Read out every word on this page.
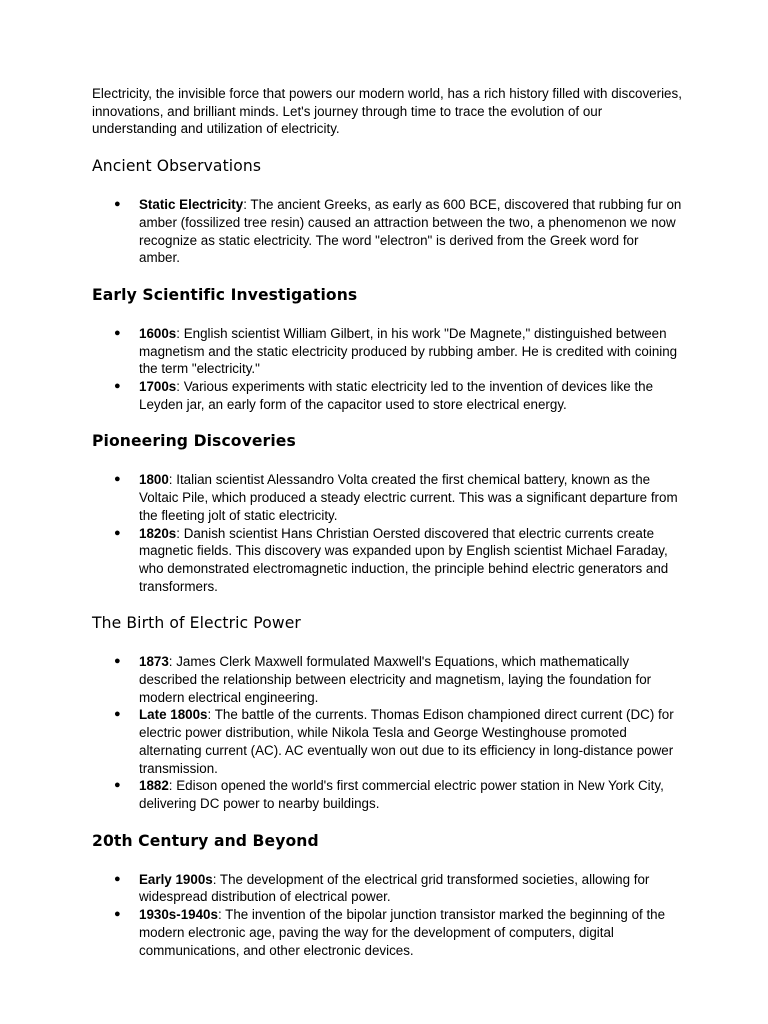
Electricity, the invisible force that powers our modern world, has a rich history filled with discoveries, innovations, and brilliant minds. Let's journey through time to trace the evolution of our understanding and utilization of electricity.

Ancient Observations
● Static Electricity: The ancient Greeks, as early as 600 BCE, discovered that rubbing fur on amber (fossilized tree resin) caused an attraction between the two, a phenomenon we now recognize as static electricity. The word "electron" is derived from the Greek word for amber.
Early Scientific Investigations
● 1600s: English scientist William Gilbert, in his work "De Magnete," distinguished between magnetism and the static electricity produced by rubbing amber. He is credited with coining the term "electricity."
● 1700s: Various experiments with static electricity led to the invention of devices like the Leyden jar, an early form of the capacitor used to store electrical energy.
Pioneering Discoveries
● 1800: Italian scientist Alessandro Volta created the first chemical battery, known as the Voltaic Pile, which produced a steady electric current. This was a significant departure from the fleeting jolt of static electricity.
● 1820s: Danish scientist Hans Christian Oersted discovered that electric currents create magnetic fields. This discovery was expanded upon by English scientist Michael Faraday, who demonstrated electromagnetic induction, the principle behind electric generators and transformers.
The Birth of Electric Power
● 1873: James Clerk Maxwell formulated Maxwell's Equations, which mathematically described the relationship between electricity and magnetism, laying the foundation for modern electrical engineering.
● Late 1800s: The battle of the currents. Thomas Edison championed direct current (DC) for electric power distribution, while Nikola Tesla and George Westinghouse promoted alternating current (AC). AC eventually won out due to its efficiency in long-distance power transmission.
● 1882: Edison opened the world's first commercial electric power station in New York City, delivering DC power to nearby buildings.
20th Century and Beyond
● Early 1900s: The development of the electrical grid transformed societies, allowing for widespread distribution of electrical power.
● 1930s-1940s: The invention of the bipolar junction transistor marked the beginning of the modern electronic age, paving the way for the development of computers, digital communications, and other electronic devices.
